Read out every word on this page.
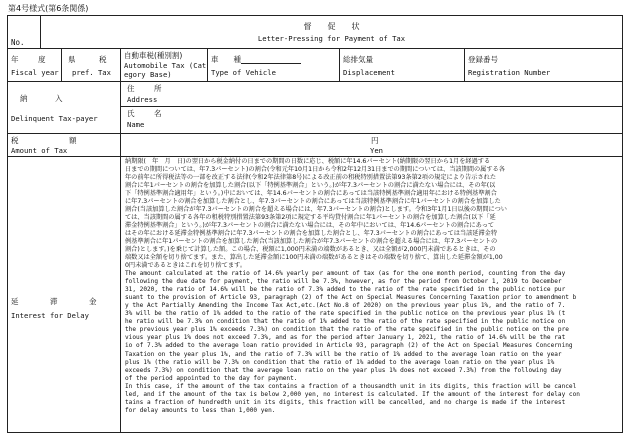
第4号様式(第6条関係)
No.
督　　促　　状
Letter-Pressing for Payment of Tax
年　度
Fiscal year
県　税
pref. Tax
自動車税(種別割)
Automobile Tax (Cat
egory Base)
車　　種
Type of Vehicle
総排気量
Displacement
登録番号
Registration Number
納　入
Delinquent Tax-payer
住　所
Address
氏　名
Name
税　　　額
Amount of Tax
円
Yen
延　滞　金
Interest for Delay
納期限(　年　月　日)の翌日から税金納付の日までの期間の日数に応じ、税額に年14.6パーセント(納期限の翌日から1月を経過する
日までの期間については、年7.3パーセント)の割合(令和元年10月1日から令和2年12月31日までの期間については、当該期間の属する各
年の前年に所得税法等の一部を改正する法律(令和2年法律第8号)による改正前の租税特別措置法第93条第2項の規定により告示された
割合に年1パーセントの割合を加算した割合(以下「特例基準割合」という。)が年7.3パーセントの割合に満たない場合には、その年(以
下「特例基準割合適用年」という。)中においては、年14.6パーセントの割合にあっては当該特例基準割合適用年における特例基準割合
に年7.3パーセントの割合を加算した割合とし、年7.3パーセントの割合にあっては当該特例基準割合に年1パーセントの割合を加算した
割合(当該加算した割合が年7.3パーセントの割合を超える場合には、年7.3パーセントの割合)とします。令和3年1月1日以後の期間につい
ては、当該期間の属する各年の租税特別措置法第93条第2項に規定する平均貸付割合に年1パーセントの割合を加算した割合(以下「延
滞金特例基準割合」という。)が年7.3パーセントの割合に満たない場合には、その年中においては、年14.6パーセントの割合にあって
はその年における延滞金特例基準割合に年7.3パーセントの割合を加算した割合とし、年7.3パーセントの割合にあっては当該延滞金特
例基準割合に年1パーセントの割合を加算した割合(当該加算した割合が年7.3パーセントの割合を超える場合には、年7.3パーセントの
割合)とします。)を乗じて計算した額。この場合、税額に1,000円未満の端数があるとき、又は全額が2,000円未満であるときは、その
端数又は全額を切り捨てます。また、算出した延滞金額に100円未満の端数があるときはその端数を切り捨て、算出した延滞金額が1,00
0円未満であるときはこれを切り捨てます。
The amount calculated at the ratio of 14.6% yearly per amount of tax (as for the one month period, counting from the day
following the due date for payment, the ratio will be 7.3%, however, as for the period from October 1, 2019 to December
31, 2020, the ratio of 14.6% will be the ratio of 7.3% added to the ratio of the rate specified in the public notice pur
suant to the provision of Article 93, paragraph (2) of the Act on Special Measures Concerning Taxation prior to amendment b
y the Act Partially Amending the Income Tax Act,etc.(Act No.8 of 2020) on the previous year plus 1%, and the ratio of 7.
3% will be the ratio of 1% added to the ratio of the rate specified in the public notice on the previous year plus 1% (t
he ratio will be 7.3% on condition that the ratio of 1% added to the ratio of the rate specified in the public notice on
the previous year plus 1% exceeds 7.3%) on condition that the ratio of the rate specified in the public notice on the pre
vious year plus 1% does not exceed 7.3%, and as for the period after January 1, 2021, the ratio of 14.6% will be the rat
io of 7.3% added to the average loan ratio provided in Article 93, paragraph (2) of the Act on Special Measures Concerning
Taxation on the year plus 1%, and the ratio of 7.3% will be the ratio of 1% added to the average loan ratio on the year
plus 1% (the ratio will be 7.3% on condition that the ratio of 1% added to the average loan ratio on the year plus 1%
exceeds 7.3%) on condition that the average loan ratio on the year plus 1% does not exceed 7.3%) from the following day
of the period appointed to the day for payment.
In this case, if the amount of the tax contains a fraction of a thousandth unit in its digits, this fraction will be cancel
led, and if the amount of the tax is below 2,000 yen, no interest is calculated. If the amount of the interest for delay con
tains a fraction of hundredth unit in its digits, this fraction will be cancelled, and no charge is made if the interest
for delay amounts to less than 1,000 yen.
